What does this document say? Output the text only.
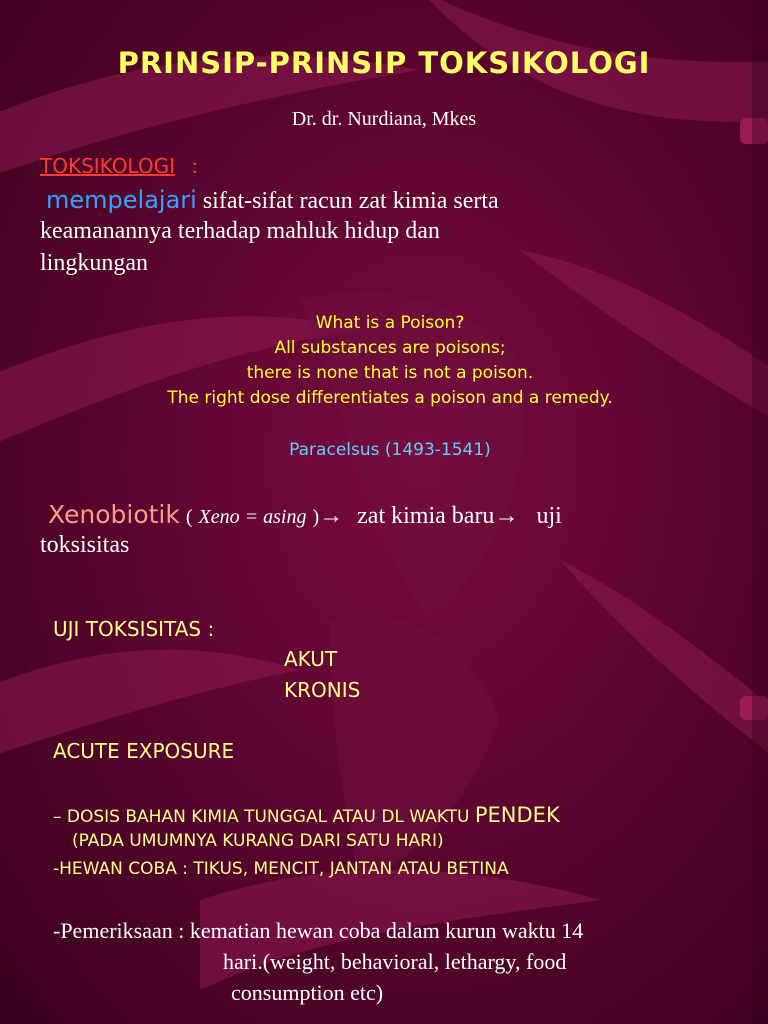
PRINSIP-PRINSIP TOKSIKOLOGI
Dr. dr. Nurdiana, Mkes
TOKSIKOLOGI :
mempelajari sifat-sifat racun zat kimia serta
keamanannya terhadap mahluk hidup dan
lingkungan
What is a Poison?
All substances are poisons;
there is none that is not a poison.
The right dose differentiates a poison and a remedy.
Paracelsus (1493-1541)
Xenobiotik ( Xeno = asing )→ zat kimia baru→ uji
toksisitas
UJI TOKSISITAS :
AKUT
KRONIS
ACUTE EXPOSURE
– DOSIS BAHAN KIMIA TUNGGAL ATAU DL WAKTU PENDEK
(PADA UMUMNYA KURANG DARI SATU HARI)
-HEWAN COBA : TIKUS, MENCIT, JANTAN ATAU BETINA
-Pemeriksaan : kematian hewan coba dalam kurun waktu 14
hari.(weight, behavioral, lethargy, food
consumption etc)
